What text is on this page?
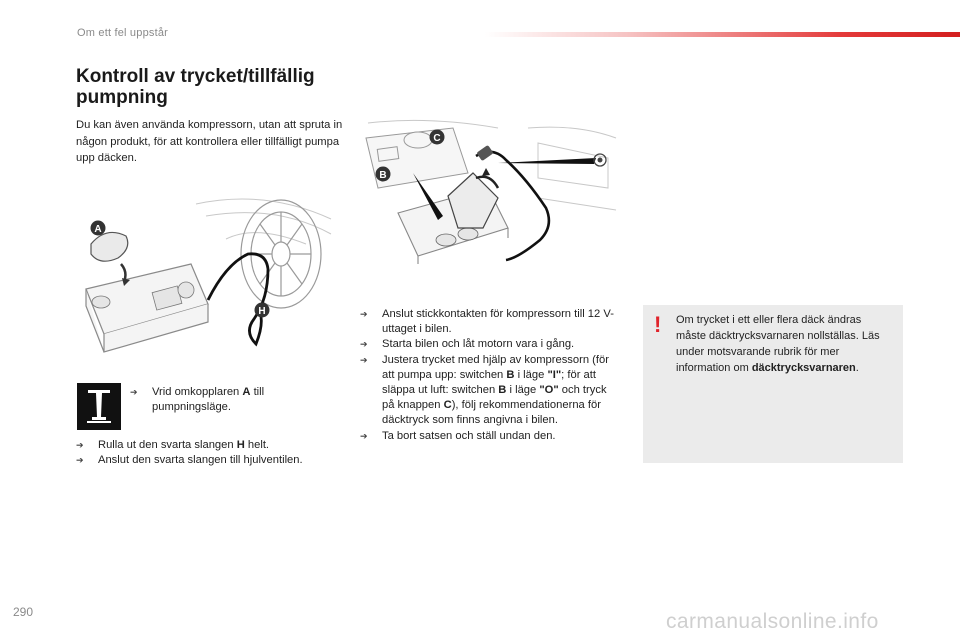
Om ett fel uppstår
Kontroll av trycket/tillfällig
pumpning

Du kan även använda kompressorn, utan att spruta in någon produkt, för att kontrollera eller tillfälligt pumpa upp däcken.

A
H
C
B
➔ Vrid omkopplaren A till pumpningsläge.
➔ Rulla ut den svarta slangen H helt.
➔ Anslut den svarta slangen till hjulventilen.
➔ Anslut stickkontakten för kompressorn till 12 V-uttaget i bilen.
➔ Starta bilen och låt motorn vara i gång.
➔ Justera trycket med hjälp av kompressorn (för att pumpa upp: switchen B i läge "I"; för att släppa ut luft: switchen B i läge "O" och tryck på knappen C), följ rekommendationerna för däcktryck som finns angivna i bilen.
➔ Ta bort satsen och ställ undan den.
! Om trycket i ett eller flera däck ändras måste däcktrycksvarnaren nollställas. Läs under motsvarande rubrik för mer information om däcktrycksvarnaren.

290	carmanualsonline.info
